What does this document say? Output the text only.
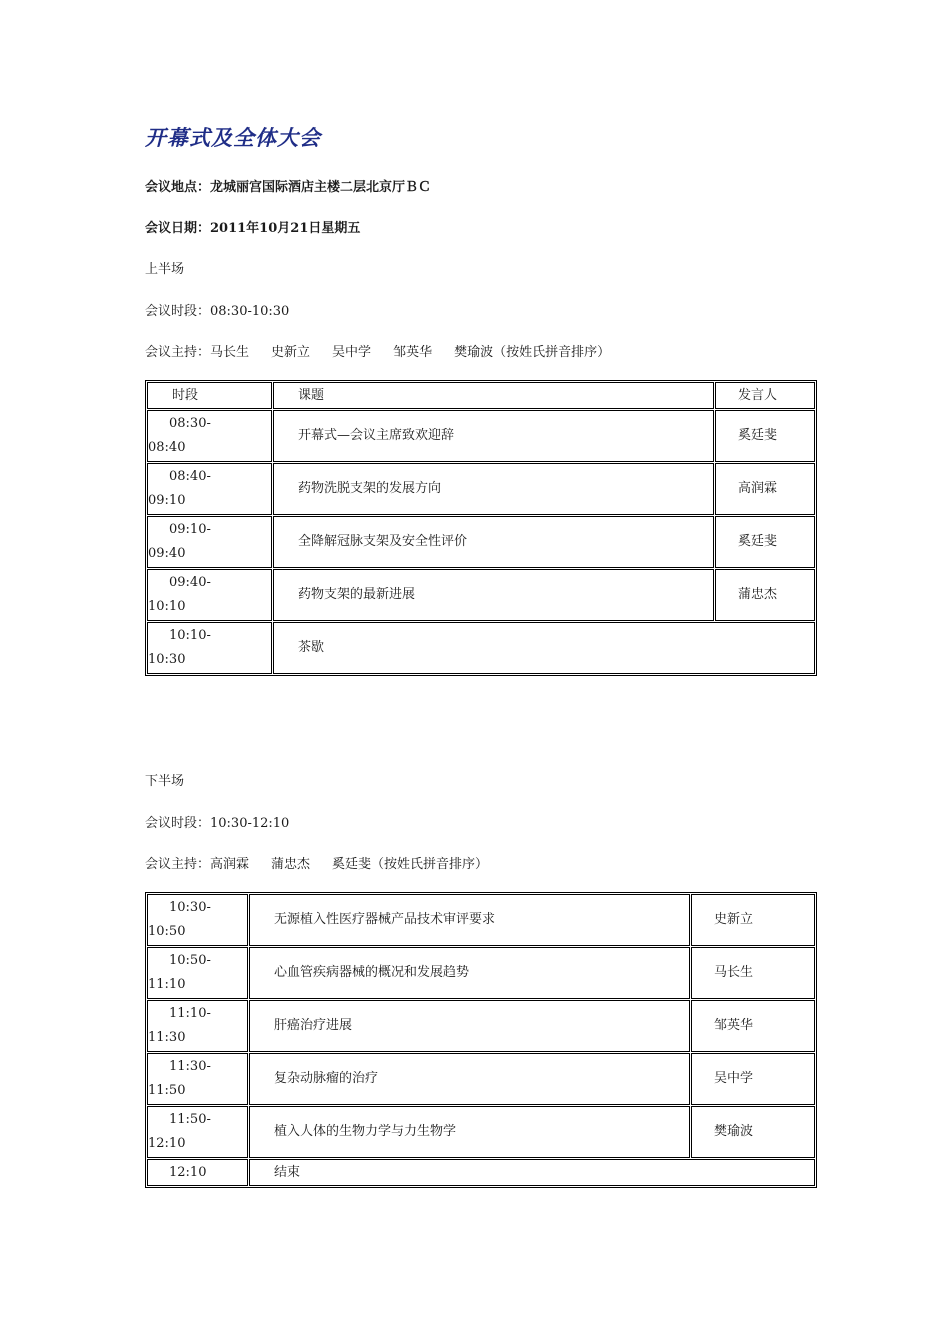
开幕式及全体大会
会议地点：龙城丽宫国际酒店主楼二层北京厅ＢＣ
会议日期：2011年10月21日星期五
上半场
会议时段：08:30-10:30
会议主持：马长生 史新立 吴中学 邹英华 樊瑜波（按姓氏拼音排序）
时段	课题	发言人

08:30-
08:40	开幕式—会议主席致欢迎辞	奚廷斐

08:40-
09:10	药物洗脱支架的发展方向	高润霖

09:10-
09:40	全降解冠脉支架及安全性评价	奚廷斐

09:40-
10:10	药物支架的最新进展	蒲忠杰

10:10-
10:30	茶歇	
下半场
会议时段：10:30-12:10
会议主持：高润霖 蒲忠杰 奚廷斐（按姓氏拼音排序）
10:30-
10:50	无源植入性医疗器械产品技术审评要求	史新立

10:50-
11:10	心血管疾病器械的概况和发展趋势	马长生

11:10-
11:30	肝癌治疗进展	邹英华

11:30-
11:50	复杂动脉瘤的治疗	吴中学

11:50-
12:10	植入人体的生物力学与力生物学	樊瑜波

12:10	结束	
